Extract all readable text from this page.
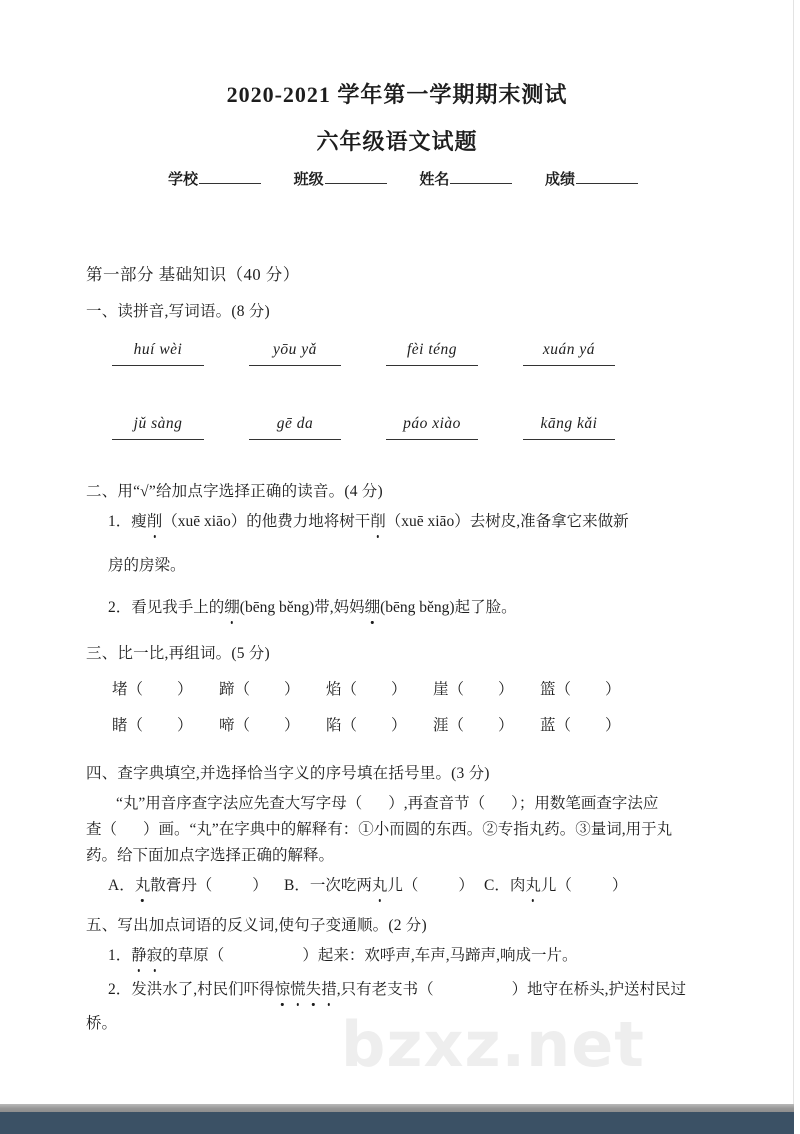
bzxz.net
2020-2021 学年第一学期期末测试
六年级语文试题
学校	班级	姓名	成绩
第一部分 基础知识（40 分）
一、读拼音,写词语。(8 分)
huí wèi	yōu yǎ	fèi téng	xuán yá
jǔ sàng	gē da	páo xiào	kāng kǎi
二、用“√”给加点字选择正确的读音。(4 分)
1．瘦削（xuē xiāo）的他费力地将树干削（xuē xiāo）去树皮,准备拿它来做新
房的房梁。
2．看见我手上的绷(bēng běng)带,妈妈绷(bēng běng)起了脸。
三、比一比,再组词。(5 分)
堵（ ）	蹄（ ）	焰（ ）	崖（ ）	篮（ ）
睹（ ）	啼（ ）	陷（ ）	涯（ ）	蓝（ ）
四、查字典填空,并选择恰当字义的序号填在括号里。(3 分)
“丸”用音序查字法应先查大写字母（ ）,再查音节（ ）；用数笔画查字法应
查（ ）画。“丸”在字典中的解释有：①小而圆的东西。②专指丸药。③量词,用于丸
药。给下面加点字选择正确的解释。
A．丸散膏丹（	）	B．一次吃两丸儿（	） C．肉丸儿（	）
五、写出加点词语的反义词,使句子变通顺。(2 分)
1．静寂的草原（	）起来：欢呼声,车声,马蹄声,响成一片。
2．发洪水了,村民们吓得惊慌失措,只有老支书（	）地守在桥头,护送村民过
桥。
